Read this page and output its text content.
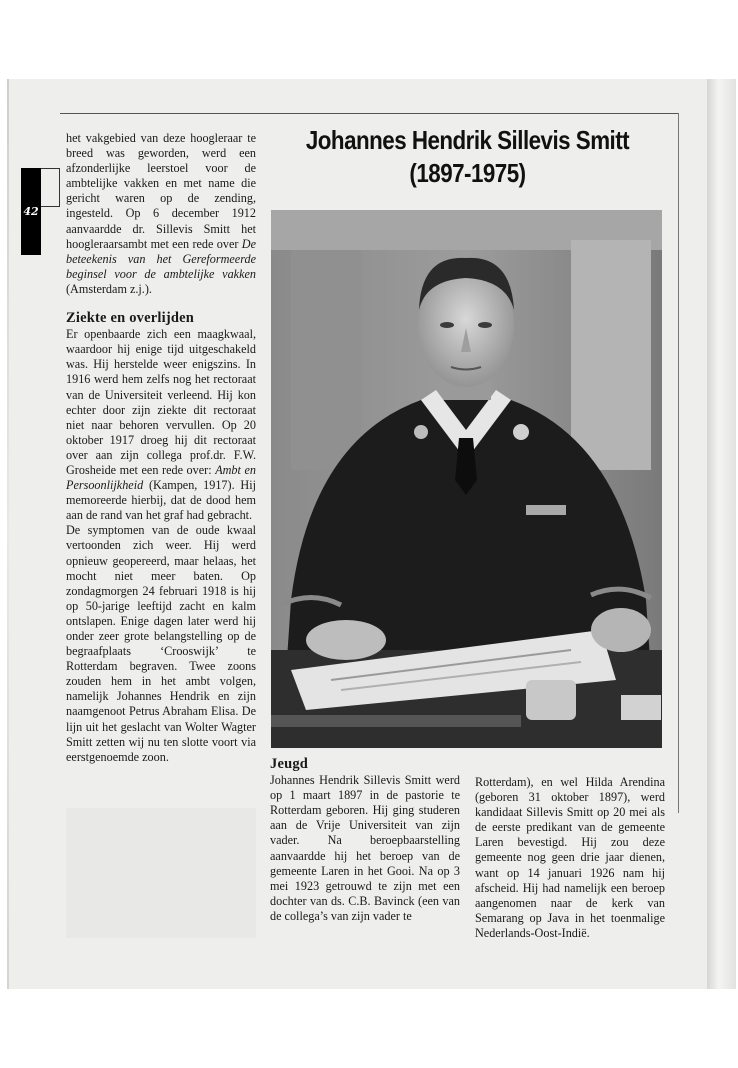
42

het vakgebied van deze hoogleraar te breed was geworden, werd een afzonderlijke leerstoel voor de ambtelijke vakken en met name die gericht waren op de zending, ingesteld. Op 6 december 1912 aanvaardde dr. Sillevis Smitt het hoogleraarsambt met een rede over De beteekenis van het Gereformeerde beginsel voor de ambtelijke vakken (Amsterdam z.j.).

Ziekte en overlijden

Er openbaarde zich een maagkwaal, waardoor hij enige tijd uitgeschakeld was. Hij herstelde weer enigszins. In 1916 werd hem zelfs nog het rectoraat van de Universiteit verleend. Hij kon echter door zijn ziekte dit rectoraat niet naar behoren vervullen. Op 20 oktober 1917 droeg hij dit rectoraat over aan zijn collega prof.dr. F.W. Grosheide met een rede over: Ambt en Persoonlijkheid (Kampen, 1917). Hij memoreerde hierbij, dat de dood hem aan de rand van het graf had gebracht.

De symptomen van de oude kwaal vertoonden zich weer. Hij werd opnieuw geopereerd, maar helaas, het mocht niet meer baten. Op zondagmorgen 24 februari 1918 is hij op 50-jarige leeftijd zacht en kalm ontslapen. Enige dagen later werd hij onder zeer grote belangstelling op de begraafplaats ‘Crooswijk’ te Rotterdam begraven. Twee zoons zouden hem in het ambt volgen, namelijk Johannes Hendrik en zijn naamgenoot Petrus Abraham Elisa. De lijn uit het geslacht van Wolter Wagter Smitt zetten wij nu ten slotte voort via eerstgenoemde zoon.

Johannes Hendrik Sillevis Smitt
(1897-1975)
Jeugd

Johannes Hendrik Sillevis Smitt werd op 1 maart 1897 in de pastorie te Rotterdam geboren. Hij ging studeren aan de Vrije Universiteit van zijn vader. Na beroepbaarstelling aanvaardde hij het beroep van de gemeente Laren in het Gooi. Na op 3 mei 1923 getrouwd te zijn met een dochter van ds. C.B. Bavinck (een van de collega’s van zijn vader te

Rotterdam), en wel Hilda Arendina (geboren 31 oktober 1897), werd kandidaat Sillevis Smitt op 20 mei als de eerste predikant van de gemeente Laren bevestigd. Hij zou deze gemeente nog geen drie jaar dienen, want op 14 januari 1926 nam hij afscheid. Hij had namelijk een beroep aangenomen naar de kerk van Semarang op Java in het toenmalige Nederlands-Oost-Indië.
